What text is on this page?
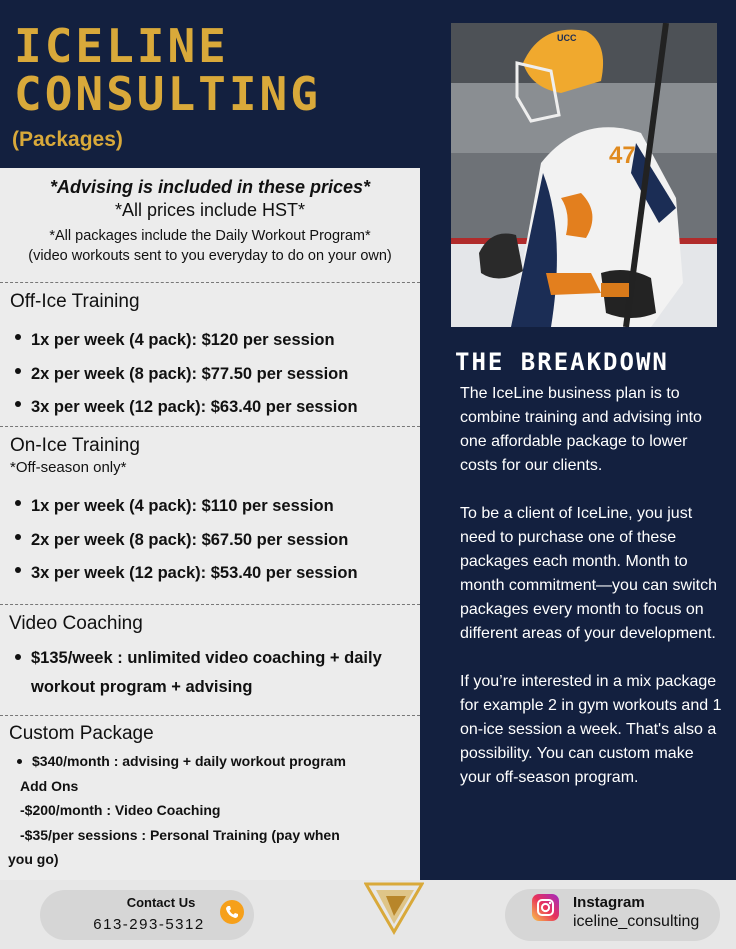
ICELINE
CONSULTING
(Packages)
*Advising is included in these prices*
*All prices include HST*
*All packages include the Daily Workout Program*
(video workouts sent to you everyday to do on your own)
Off-Ice Training
1x per week (4 pack): $120 per session
2x per week (8 pack): $77.50 per session
3x per week (12 pack): $63.40 per session
On-Ice Training
*Off-season only*
1x per week (4 pack): $110 per session
2x per week (8 pack): $67.50 per session
3x per week (12 pack): $53.40 per session
Video Coaching
$135/week : unlimited video coaching + daily
workout program + advising
Custom Package
$340/month : advising + daily workout program
Add Ons
-$200/month : Video Coaching
-$35/per sessions : Personal Training (pay when
you go)
47
UCC
THE BREAKDOWN

The IceLine business plan is to combine training and advising into one affordable package to lower costs for our clients.

To be a client of IceLine, you just need to purchase one of these packages each month. Month to month commitment—you can switch packages every month to focus on different areas of your development.

If you’re interested in a mix package for example 2 in gym workouts and 1 on-ice session a week. That's also a possibility. You can custom make your off-season program.

Contact Us
613-293-5312
Instagram
iceline_consulting
